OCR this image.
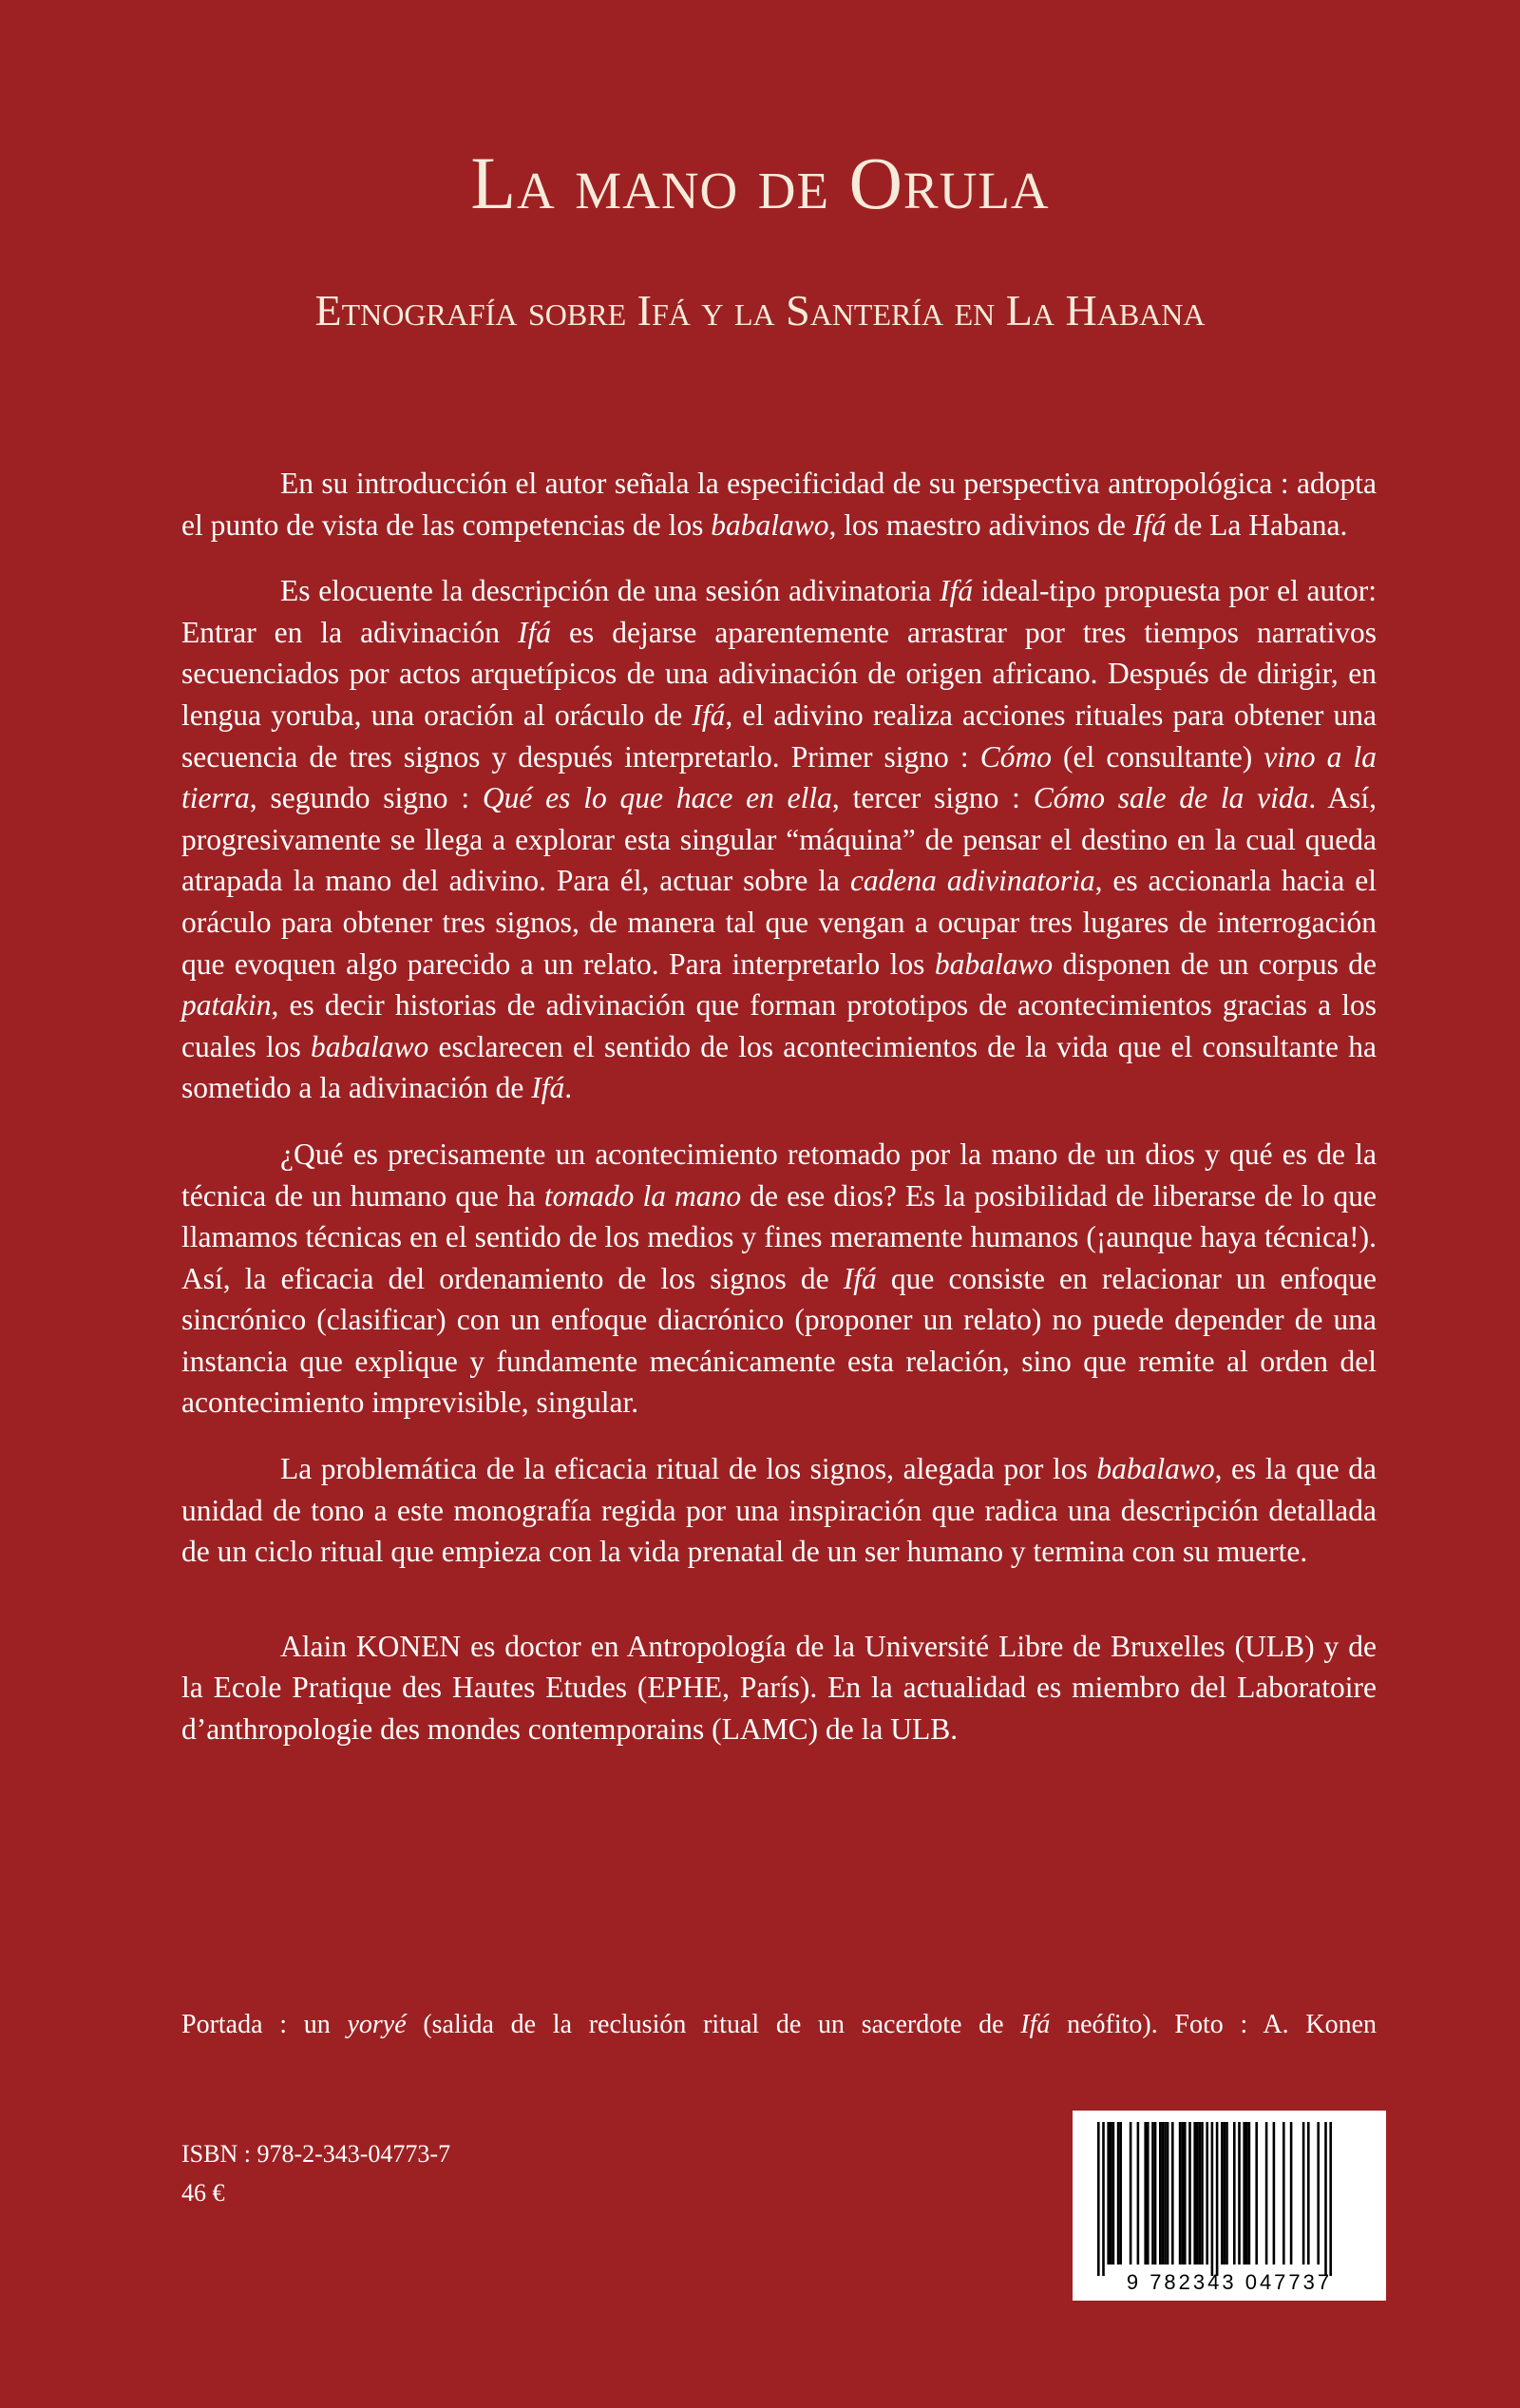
La mano de Orula
Etnografía sobre Ifá y la Santería en La Habana

En su introducción el autor señala la especificidad de su perspectiva antropológica : adopta el punto de vista de las competencias de los babalawo, los maestro adivinos de Ifá de La Habana.

Es elocuente la descripción de una sesión adivinatoria Ifá ideal-tipo propuesta por el autor: Entrar en la adivinación Ifá es dejarse aparentemente arrastrar por tres tiempos narrativos secuenciados por actos arquetípicos de una adivinación de origen africano. Después de dirigir, en lengua yoruba, una oración al oráculo de Ifá, el adivino realiza acciones rituales para obtener una secuencia de tres signos y después interpretarlo. Primer signo : Cómo (el consultante) vino a la tierra, segundo signo : Qué es lo que hace en ella, tercer signo : Cómo sale de la vida. Así, progresivamente se llega a explorar esta singular “máquina” de pensar el destino en la cual queda atrapada la mano del adivino. Para él, actuar sobre la cadena adivinatoria, es accionarla hacia el oráculo para obtener tres signos, de manera tal que vengan a ocupar tres lugares de interrogación que evoquen algo parecido a un relato. Para interpretarlo los babalawo disponen de un corpus de patakin, es decir historias de adivinación que forman prototipos de acontecimientos gracias a los cuales los babalawo esclarecen el sentido de los acontecimientos de la vida que el consultante ha sometido a la adivinación de Ifá.

¿Qué es precisamente un acontecimiento retomado por la mano de un dios y qué es de la técnica de un humano que ha tomado la mano de ese dios? Es la posibilidad de liberarse de lo que llamamos técnicas en el sentido de los medios y fines meramente humanos (¡aunque haya técnica!). Así, la eficacia del ordenamiento de los signos de Ifá que consiste en relacionar un enfoque sincrónico (clasificar) con un enfoque diacrónico (proponer un relato) no puede depender de una instancia que explique y fundamente mecánicamente esta relación, sino que remite al orden del acontecimiento imprevisible, singular.

La problemática de la eficacia ritual de los signos, alegada por los babalawo, es la que da unidad de tono a este monografía regida por una inspiración que radica una descripción detallada de un ciclo ritual que empieza con la vida prenatal de un ser humano y termina con su muerte.

Alain KONEN es doctor en Antropología de la Université Libre de Bruxelles (ULB) y de la Ecole Pratique des Hautes Etudes (EPHE, París). En la actualidad es miembro del Laboratoire d’anthropologie des mondes contemporains (LAMC) de la ULB.

Portada : un yoryé (salida de la reclusión ritual de un sacerdote de Ifá neófito). Foto : A. Konen
ISBN : 978-2-343-04773-7
46 €
9 782343 047737
